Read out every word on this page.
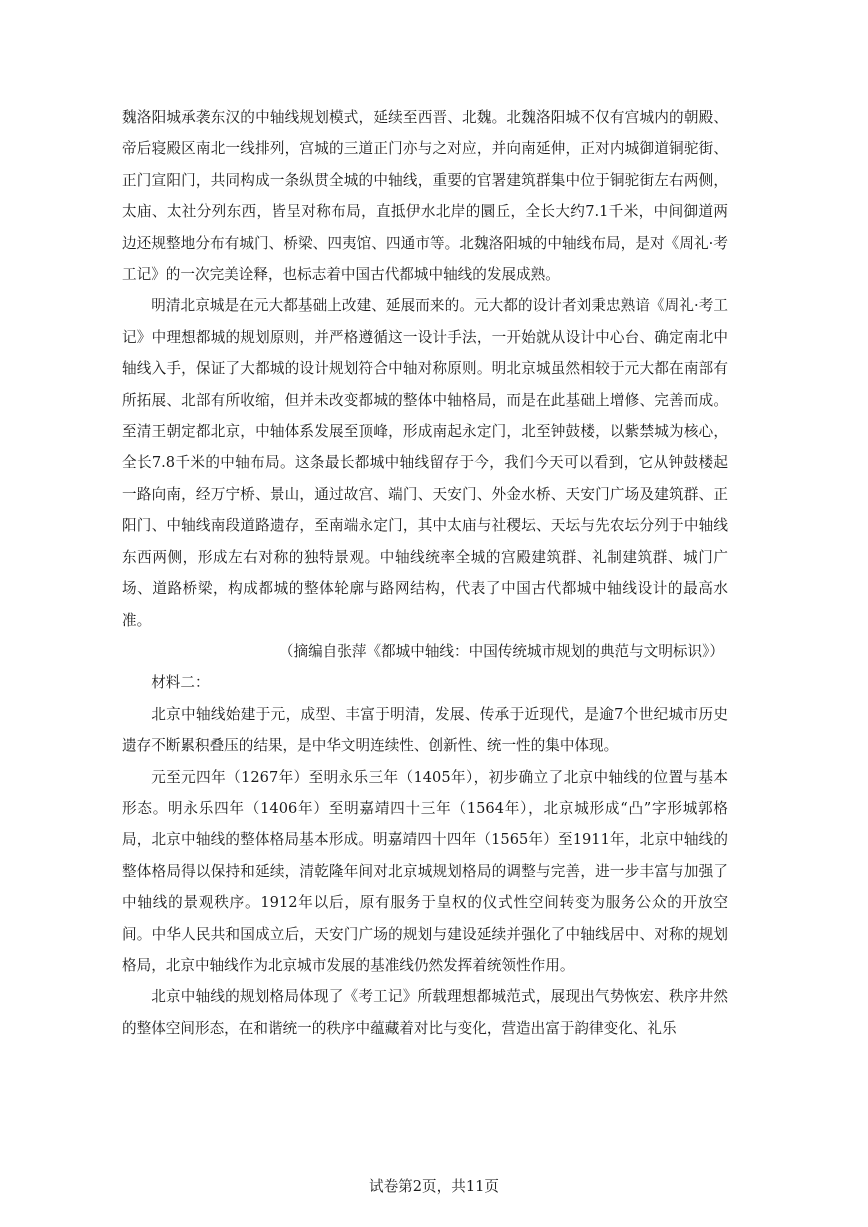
魏洛阳城承袭东汉的中轴线规划模式，延续至西晋、北魏。北魏洛阳城不仅有宫城内的朝殿、帝后寝殿区南北一线排列，宫城的三道正门亦与之对应，并向南延伸，正对内城御道铜驼街、正门宣阳门，共同构成一条纵贯全城的中轴线，重要的官署建筑群集中位于铜驼街左右两侧，太庙、太社分列东西，皆呈对称布局，直抵伊水北岸的圜丘，全长大约7.1千米，中间御道两边还规整地分布有城门、桥梁、四夷馆、四通市等。北魏洛阳城的中轴线布局，是对《周礼·考工记》的一次完美诠释，也标志着中国古代都城中轴线的发展成熟。

明清北京城是在元大都基础上改建、延展而来的。元大都的设计者刘秉忠熟谙《周礼·考工记》中理想都城的规划原则，并严格遵循这一设计手法，一开始就从设计中心台、确定南北中轴线入手，保证了大都城的设计规划符合中轴对称原则。明北京城虽然相较于元大都在南部有所拓展、北部有所收缩，但并未改变都城的整体中轴格局，而是在此基础上增修、完善而成。至清王朝定都北京，中轴体系发展至顶峰，形成南起永定门，北至钟鼓楼，以紫禁城为核心，全长7.8千米的中轴布局。这条最长都城中轴线留存于今，我们今天可以看到，它从钟鼓楼起一路向南，经万宁桥、景山，通过故宫、端门、天安门、外金水桥、天安门广场及建筑群、正阳门、中轴线南段道路遗存，至南端永定门，其中太庙与社稷坛、天坛与先农坛分列于中轴线东西两侧，形成左右对称的独特景观。中轴线统率全城的宫殿建筑群、礼制建筑群、城门广场、道路桥梁，构成都城的整体轮廓与路网结构，代表了中国古代都城中轴线设计的最高水准。

（摘编自张萍《都城中轴线：中国传统城市规划的典范与文明标识》）

材料二：

北京中轴线始建于元，成型、丰富于明清，发展、传承于近现代，是逾7个世纪城市历史遗存不断累积叠压的结果，是中华文明连续性、创新性、统一性的集中体现。

元至元四年（1267年）至明永乐三年（1405年），初步确立了北京中轴线的位置与基本形态。明永乐四年（1406年）至明嘉靖四十三年（1564年），北京城形成“凸”字形城郭格局，北京中轴线的整体格局基本形成。明嘉靖四十四年（1565年）至1911年，北京中轴线的整体格局得以保持和延续，清乾隆年间对北京城规划格局的调整与完善，进一步丰富与加强了中轴线的景观秩序。1912年以后，原有服务于皇权的仪式性空间转变为服务公众的开放空间。中华人民共和国成立后，天安门广场的规划与建设延续并强化了中轴线居中、对称的规划格局，北京中轴线作为北京城市发展的基准线仍然发挥着统领性作用。

北京中轴线的规划格局体现了《考工记》所载理想都城范式，展现出气势恢宏、秩序井然的整体空间形态，在和谐统一的秩序中蕴藏着对比与变化，营造出富于韵律变化、礼乐

试卷第2页，共11页
